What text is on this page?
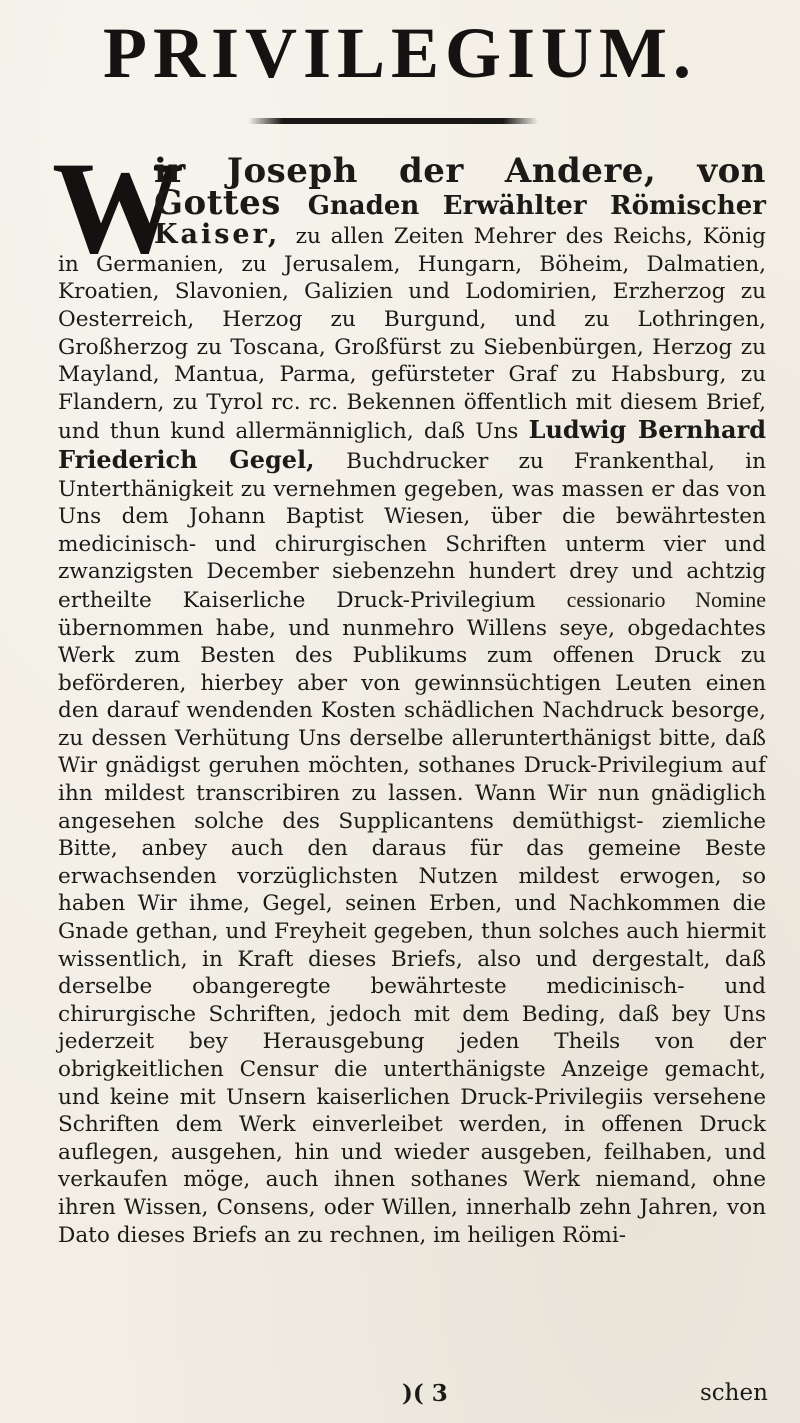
PRIVILEGIUM.
W
ir Joseph der Andere, von Gottes Gnaden Erwählter Römischer Kaiser, zu allen Zeiten Mehrer des Reichs, König in Germanien, zu Jerusalem, Hungarn, Böheim, Dalmatien, Kroatien, Slavonien, Galizien und Lodomirien, Erzherzog zu Oesterreich, Herzog zu Burgund, und zu Lothringen, Großherzog zu Toscana, Großfürst zu Siebenbürgen, Herzog zu Mayland, Mantua, Parma, gefürsteter Graf zu Habsburg, zu Flandern, zu Tyrol rc. rc. Bekennen öffentlich mit diesem Brief, und thun kund allermänniglich, daß Uns Ludwig Bernhard Friederich Gegel, Buchdrucker zu Frankenthal, in Unterthänigkeit zu vernehmen gegeben, was massen er das von Uns dem Johann Baptist Wiesen, über die bewährtesten medicinisch- und chirurgischen Schriften unterm vier und zwanzigsten December siebenzehn hundert drey und achtzig ertheilte Kaiserliche Druck-Privilegium cessionario Nomine übernommen habe, und nunmehro Willens seye, obgedachtes Werk zum Besten des Publikums zum offenen Druck zu beförderen, hierbey aber von gewinnsüchtigen Leuten einen den darauf wendenden Kosten schädlichen Nachdruck besorge, zu dessen Verhütung Uns derselbe allerunterthänigst bitte, daß Wir gnädigst geruhen möchten, sothanes Druck-Privilegium auf ihn mildest transcribiren zu lassen. Wann Wir nun gnädiglich angesehen solche des Supplicantens demüthigst- ziemliche Bitte, anbey auch den daraus für das gemeine Beste erwachsenden vorzüglichsten Nutzen mildest erwogen, so haben Wir ihme, Gegel, seinen Erben, und Nachkommen die Gnade gethan, und Freyheit gegeben, thun solches auch hiermit wissentlich, in Kraft dieses Briefs, also und dergestalt, daß derselbe obangeregte bewährteste medicinisch- und chirurgische Schriften, jedoch mit dem Beding, daß bey Uns jederzeit bey Herausgebung jeden Theils von der obrigkeitlichen Censur die unterthänigste Anzeige gemacht, und keine mit Unsern kaiserlichen Druck-Privilegiis versehene Schriften dem Werk einverleibet werden, in offenen Druck auflegen, ausgehen, hin und wieder ausgeben, feilhaben, und verkaufen möge, auch ihnen sothanes Werk niemand, ohne ihren Wissen, Consens, oder Willen, innerhalb zehn Jahren, von Dato dieses Briefs an zu rechnen, im heiligen Römi-
)( 3	schen
